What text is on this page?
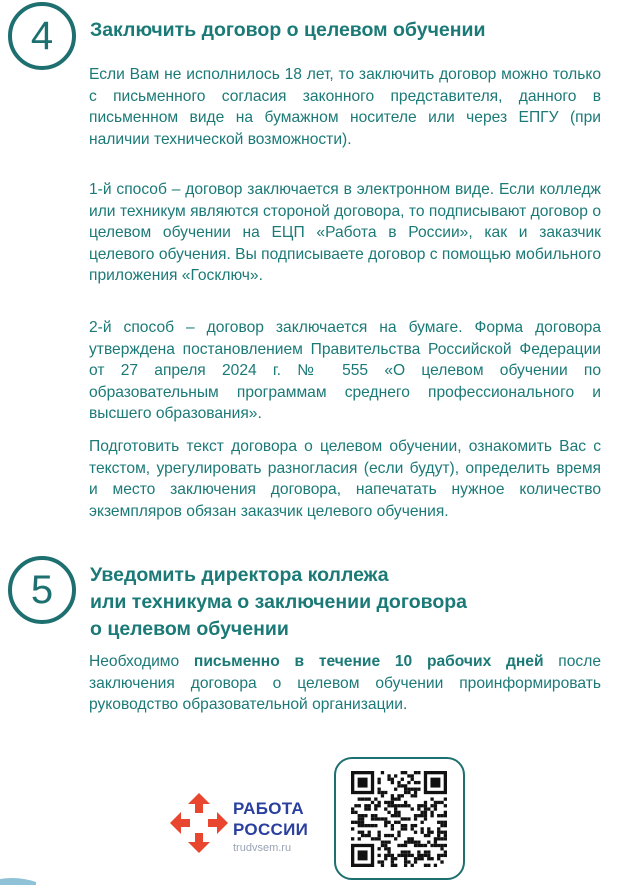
4 Заключить договор о целевом обучении

Если Вам не исполнилось 18 лет, то заключить договор можно только с письменного согласия законного представителя, данного в письменном виде на бумажном носителе или через ЕПГУ (при наличии технической возможности).

1-й способ – договор заключается в электронном виде. Если колледж или техникум являются стороной договора, то подписывают договор о целевом обучении на ЕЦП «Работа в России», как и заказчик целевого обучения. Вы подписываете договор с помощью мобильного приложения «Госключ».

2-й способ – договор заключается на бумаге. Форма договора утверждена постановлением Правительства Российской Федерации от 27 апреля 2024 г. № 555 «О целевом обучении по образовательным программам среднего профессионального и высшего образования».

Подготовить текст договора о целевом обучении, ознакомить Вас с текстом, урегулировать разногласия (если будут), определить время и место заключения договора, напечатать нужное количество экземпляров обязан заказчик целевого обучения.

5 Уведомить директора коллежа
или техникума о заключении договора
о целевом обучении

Необходимо письменно в течение 10 рабочих дней после заключения договора о целевом обучении проинформировать руководство образовательной организации.

РАБОТА
РОССИИ
trudvsem.ru
